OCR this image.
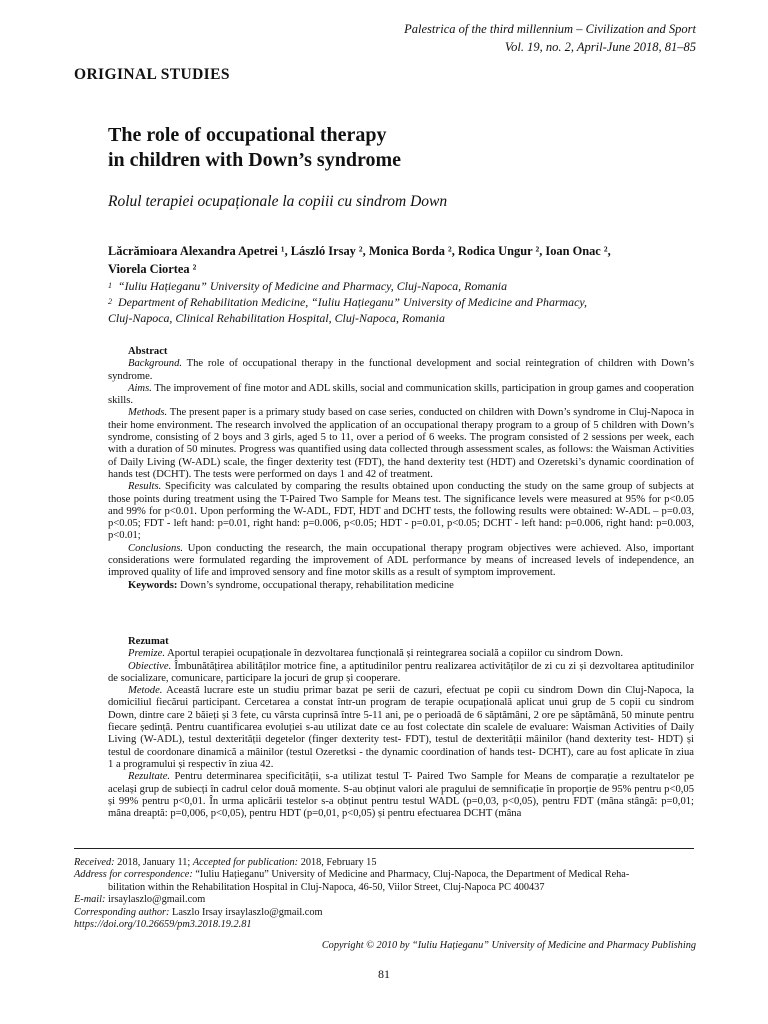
Palestrica of the third millennium – Civilization and Sport
Vol. 19, no. 2, April-June 2018, 81–85
ORIGINAL STUDIES
The role of occupational therapy
in children with Down’s syndrome
Rolul terapiei ocupaționale la copiii cu sindrom Down
Lăcrămioara Alexandra Apetrei ¹, László Irsay ², Monica Borda ², Rodica Ungur ², Ioan Onac ²,
Viorela Ciortea ²
1 “Iuliu Hațieganu” University of Medicine and Pharmacy, Cluj-Napoca, Romania
2 Department of Rehabilitation Medicine, “Iuliu Hațieganu” University of Medicine and Pharmacy,
Cluj-Napoca, Clinical Rehabilitation Hospital, Cluj-Napoca, Romania
Abstract

Background. The role of occupational therapy in the functional development and social reintegration of children with Down’s syndrome.

Aims. The improvement of fine motor and ADL skills, social and communication skills, participation in group games and cooperation skills.

Methods. The present paper is a primary study based on case series, conducted on children with Down’s syndrome in Cluj-Napoca in their home environment. The research involved the application of an occupational therapy program to a group of 5 children with Down’s syndrome, consisting of 2 boys and 3 girls, aged 5 to 11, over a period of 6 weeks. The program consisted of 2 sessions per week, each with a duration of 50 minutes. Progress was quantified using data collected through assessment scales, as follows: the Waisman Activities of Daily Living (W-ADL) scale, the finger dexterity test (FDT), the hand dexterity test (HDT) and Ozeretski’s dynamic coordination of hands test (DCHT). The tests were performed on days 1 and 42 of treatment.

Results. Specificity was calculated by comparing the results obtained upon conducting the study on the same group of subjects at those points during treatment using the T-Paired Two Sample for Means test. The significance levels were measured at 95% for p<0.05 and 99% for p<0.01. Upon performing the W-ADL, FDT, HDT and DCHT tests, the following results were obtained: W-ADL – p=0.03, p<0.05; FDT - left hand: p=0.01, right hand: p=0.006, p<0.05; HDT - p=0.01, p<0.05; DCHT - left hand: p=0.006, right hand: p=0.003, p<0.01;

Conclusions. Upon conducting the research, the main occupational therapy program objectives were achieved. Also, important considerations were formulated regarding the improvement of ADL performance by means of increased levels of independence, an improved quality of life and improved sensory and fine motor skills as a result of symptom improvement.

Keywords: Down’s syndrome, occupational therapy, rehabilitation medicine

Rezumat

Premize. Aportul terapiei ocupaționale în dezvoltarea funcțională și reintegrarea socială a copiilor cu sindrom Down.

Obiective. Îmbunătățirea abilităților motrice fine, a aptitudinilor pentru realizarea activităților de zi cu zi și dezvoltarea aptitudinilor de socializare, comunicare, participare la jocuri de grup și cooperare.

Metode. Această lucrare este un studiu primar bazat pe serii de cazuri, efectuat pe copii cu sindrom Down din Cluj-Napoca, la domiciliul fiecărui participant. Cercetarea a constat într-un program de terapie ocupațională aplicat unui grup de 5 copii cu sindrom Down, dintre care 2 băieți și 3 fete, cu vârsta cuprinsă între 5-11 ani, pe o perioadă de 6 săptămâni, 2 ore pe săptămână, 50 minute pentru fiecare ședință. Pentru cuantificarea evoluției s-au utilizat date ce au fost colectate din scalele de evaluare: Waisman Activities of Daily Living (W-ADL), testul dexterității degetelor (finger dexterity test- FDT), testul de dexterității mâinilor (hand dexterity test- HDT) și testul de coordonare dinamică a mâinilor (testul Ozeretksi - the dynamic coordination of hands test- DCHT), care au fost aplicate în ziua 1 a programului și respectiv în ziua 42.

Rezultate. Pentru determinarea specificității, s-a utilizat testul T- Paired Two Sample for Means de comparație a rezultatelor pe același grup de subiecți în cadrul celor două momente. S-au obținut valori ale pragului de semnificație în proporție de 95% pentru p<0,05 și 99% pentru p<0,01. În urma aplicării testelor s-a obținut pentru testul WADL (p=0,03, p<0,05), pentru FDT (mâna stângă: p=0,01; mâna dreaptă: p=0,006, p<0,05), pentru HDT (p=0,01, p<0,05) și pentru efectuarea DCHT (mâna

Received: 2018, January 11; Accepted for publication: 2018, February 15
Address for correspondence: “Iuliu Hațieganu” University of Medicine and Pharmacy, Cluj-Napoca, the Department of Medical Reha-
bilitation within the Rehabilitation Hospital in Cluj-Napoca, 46-50, Viilor Street, Cluj-Napoca PC 400437
E-mail: irsaylaszlo@gmail.com
Corresponding author: Laszlo Irsay irsaylaszlo@gmail.com
https://doi.org/10.26659/pm3.2018.19.2.81
Copyright © 2010 by “Iuliu Hațieganu” University of Medicine and Pharmacy Publishing
81
